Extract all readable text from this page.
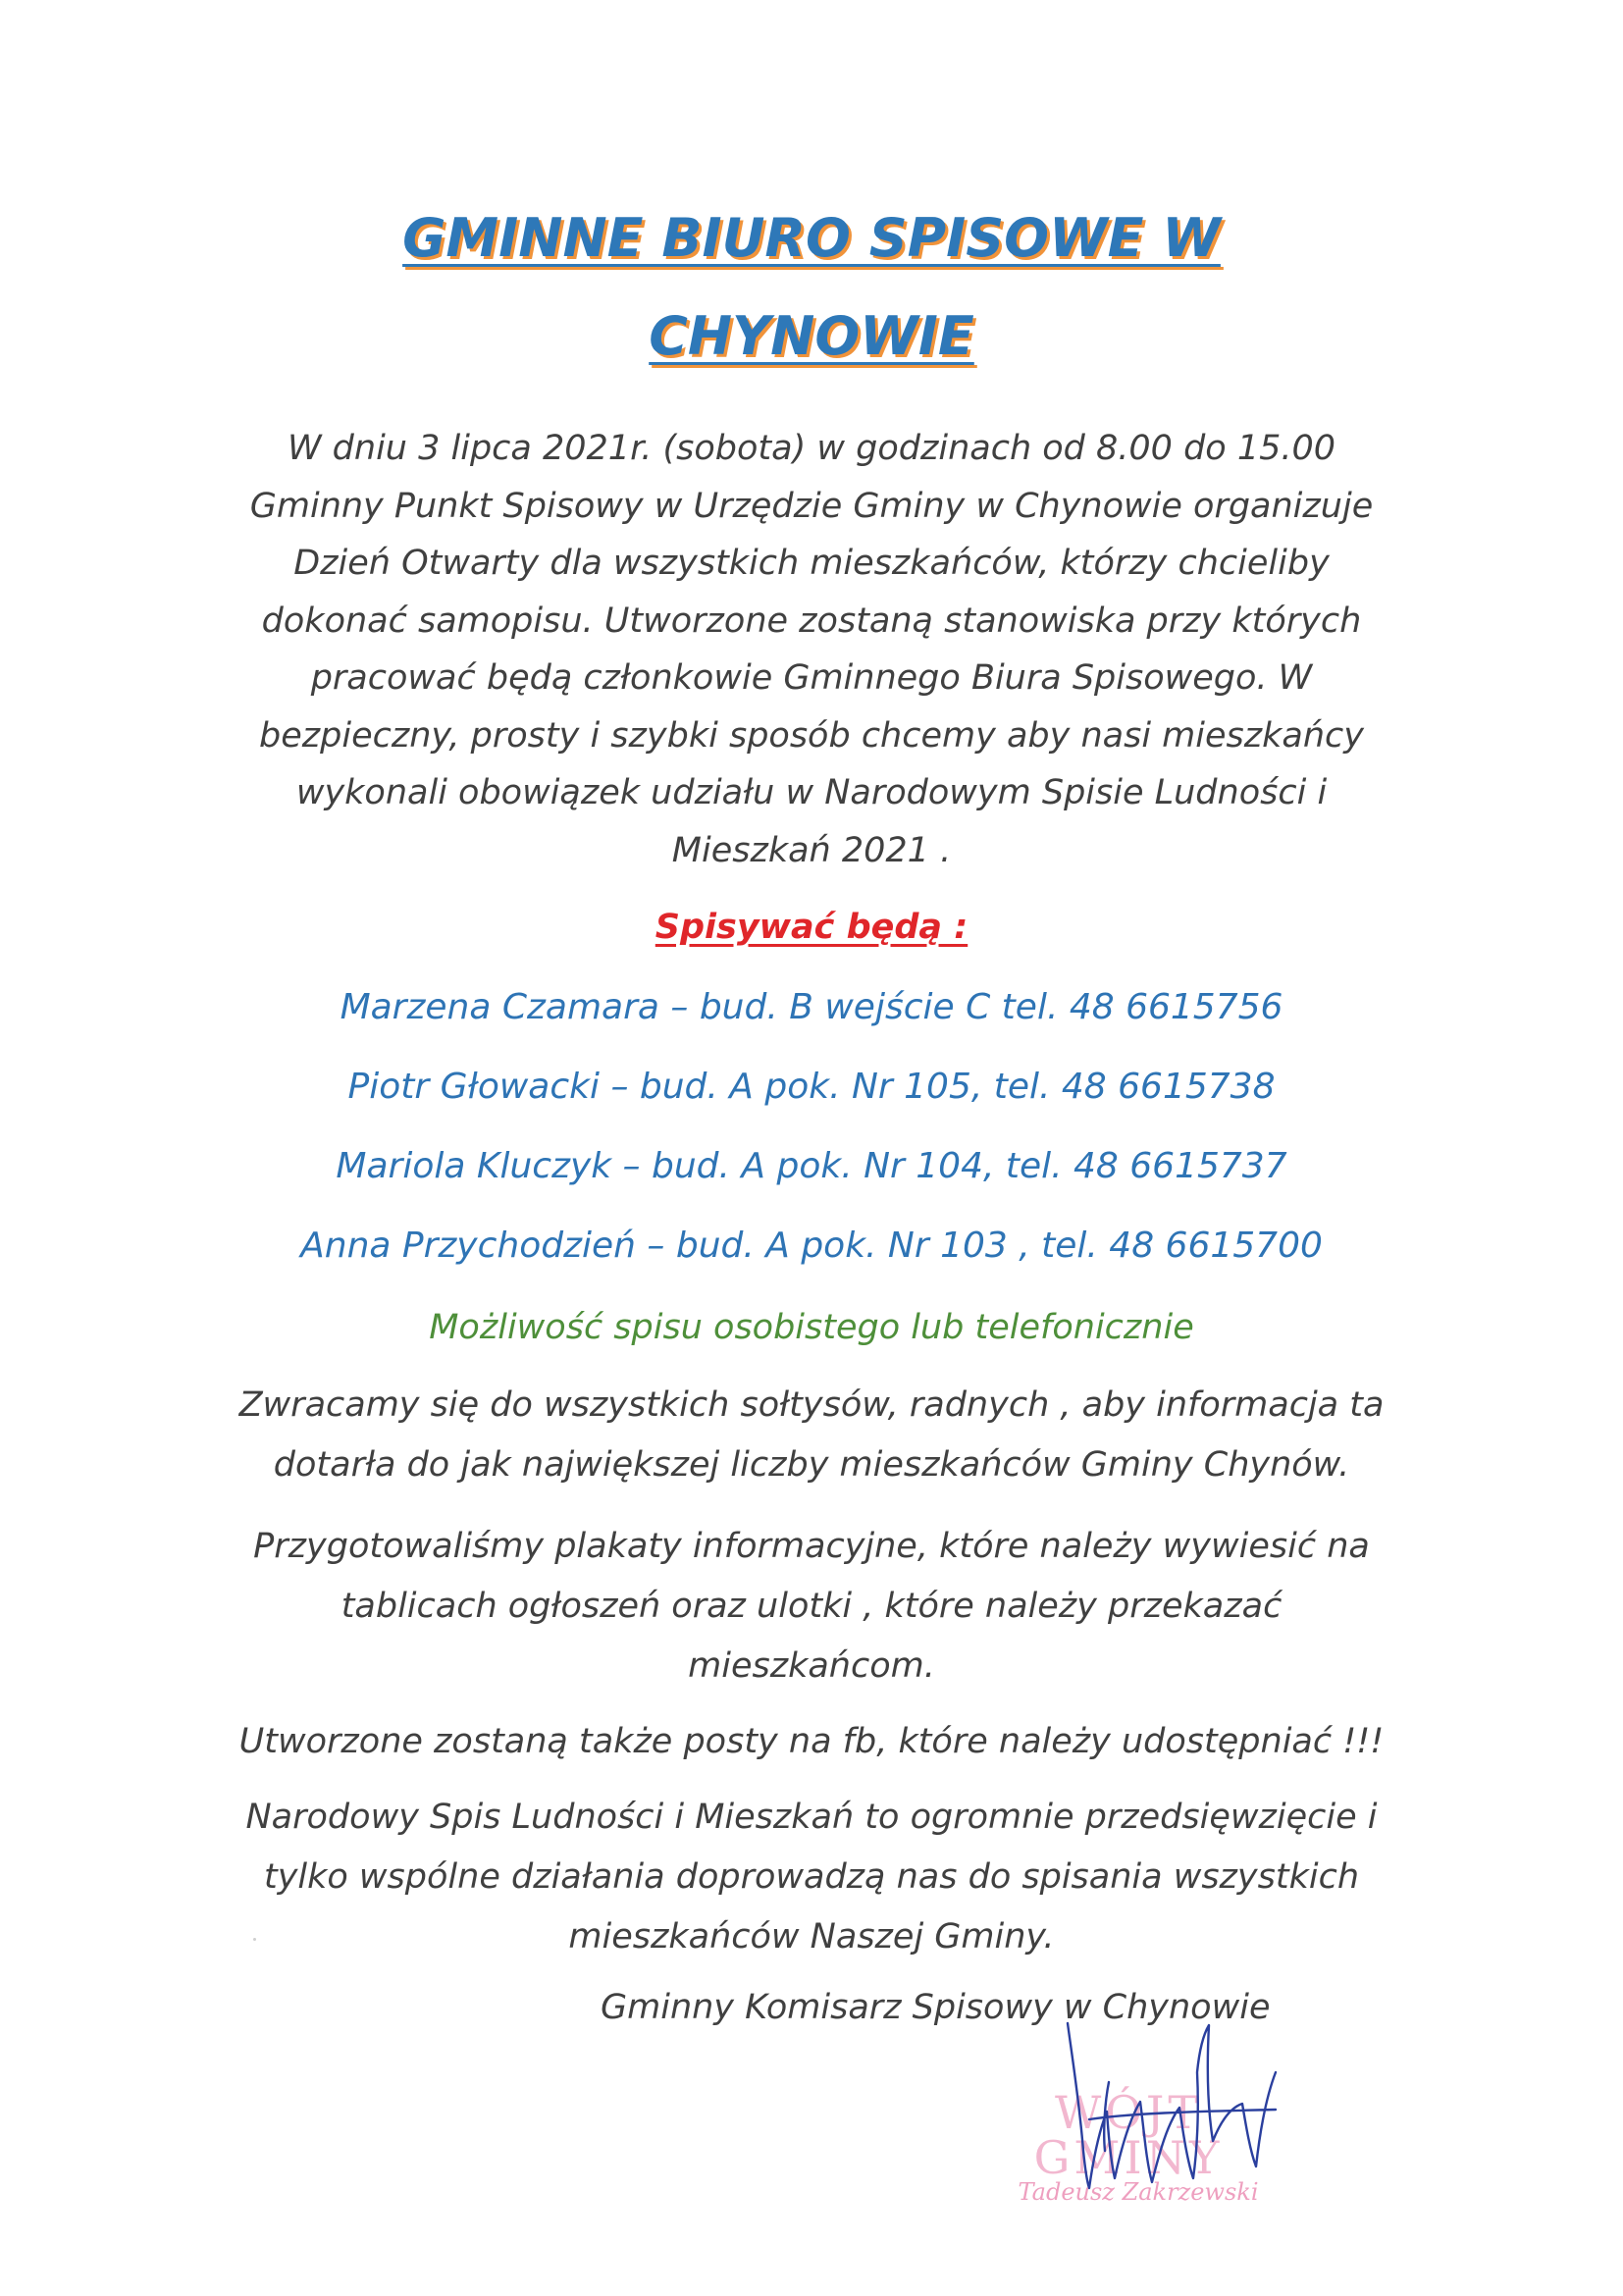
GMINNE BIURO SPISOWE W
CHYNOWIE
W dniu 3 lipca 2021r. (sobota) w godzinach od 8.00 do 15.00
Gminny Punkt Spisowy w Urzędzie Gminy w Chynowie organizuje
Dzień Otwarty dla wszystkich mieszkańców, którzy chcieliby
dokonać samopisu. Utworzone zostaną stanowiska przy których
pracować będą członkowie Gminnego Biura Spisowego. W
bezpieczny, prosty i szybki sposób chcemy aby nasi mieszkańcy
wykonali obowiązek udziału w Narodowym Spisie Ludności i
Mieszkań 2021 .
Spisywać będą :
Marzena Czamara – bud. B wejście C tel. 48 6615756
Piotr Głowacki – bud. A pok. Nr 105, tel. 48 6615738
Mariola Kluczyk – bud. A pok. Nr 104, tel. 48 6615737
Anna Przychodzień – bud. A pok. Nr 103 , tel. 48 6615700
Możliwość spisu osobistego lub telefonicznie
Zwracamy się do wszystkich sołtysów, radnych , aby informacja ta
dotarła do jak największej liczby mieszkańców Gminy Chynów.
Przygotowaliśmy plakaty informacyjne, które należy wywiesić na
tablicach ogłoszeń oraz ulotki , które należy przekazać
mieszkańcom.
Utworzone zostaną także posty na fb, które należy udostępniać !!!
Narodowy Spis Ludności i Mieszkań to ogromnie przedsięwzięcie i
tylko wspólne działania doprowadzą nas do spisania wszystkich
mieszkańców Naszej Gminy.
Gminny Komisarz Spisowy w Chynowie
WÓJT GMINY
Tadeusz Zakrzewski
